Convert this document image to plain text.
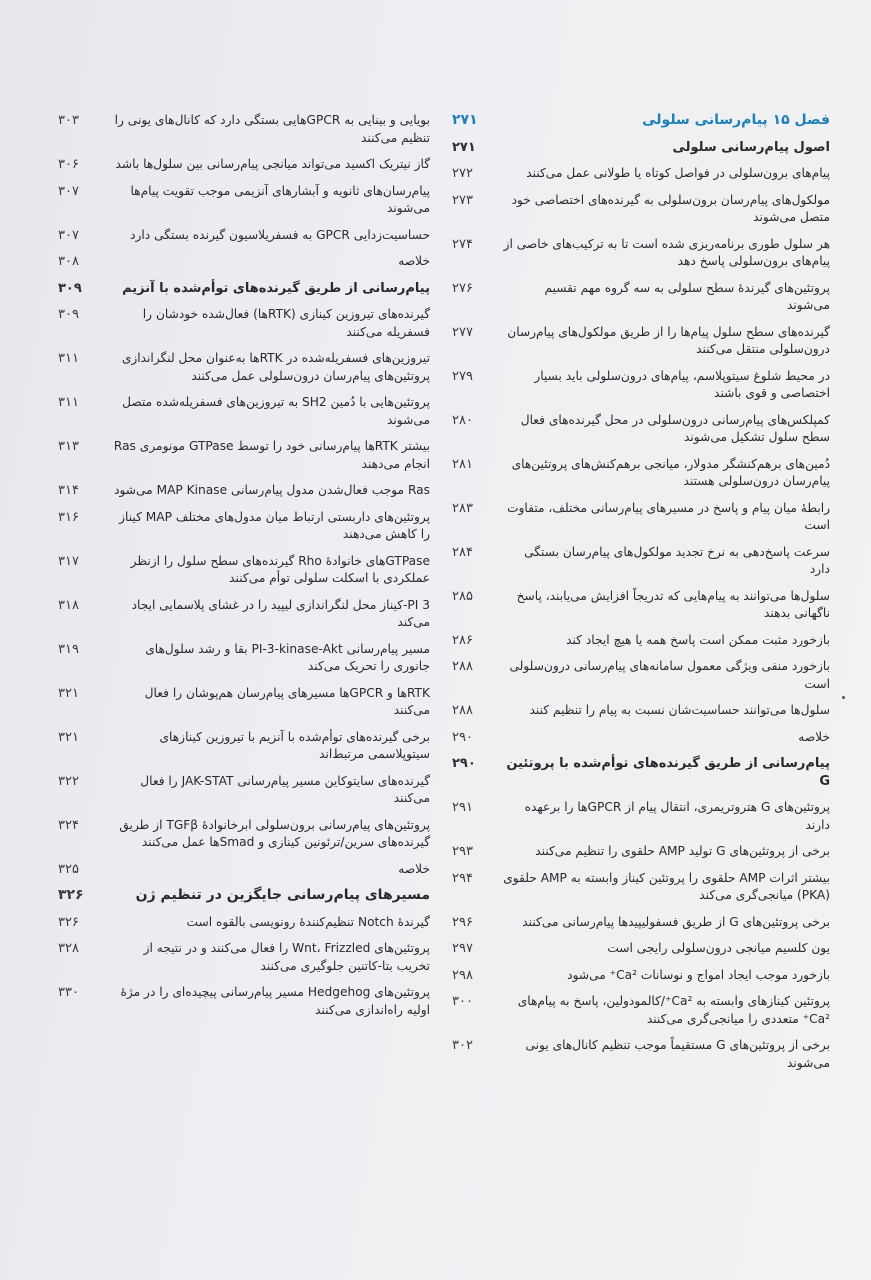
۲۷۱	فصل ۱۵ پیام‌رسانی سلولی
۲۷۱	اصول پیام‌رسانی سلولی
۲۷۲	پیام‌های برون‌سلولی در فواصل کوتاه یا طولانی عمل می‌کنند
۲۷۳	مولکول‌های پیام‌رسان برون‌سلولی به گیرنده‌های اختصاصی خود متصل می‌شوند
۲۷۴	هر سلول طوری برنامه‌ریزی شده است تا به ترکیب‌های خاصی از پیام‌های برون‌سلولی پاسخ دهد
۲۷۶	پروتئین‌های گیرندهٔ سطح سلولی به سه گروه مهم تقسیم می‌شوند
۲۷۷	گیرنده‌های سطح سلول پیام‌ها را از طریق مولکول‌های پیام‌رسان درون‌سلولی منتقل می‌کنند
۲۷۹	در محیط شلوغ سیتوپلاسم، پیام‌های درون‌سلولی باید بسیار اختصاصی و قوی باشند
۲۸۰	کمپلکس‌های پیام‌رسانی درون‌سلولی در محل گیرنده‌های فعال سطح سلول تشکیل می‌شوند
۲۸۱	دُمین‌های برهم‌کنشگر مدولار، میانجی برهم‌کنش‌های پروتئین‌های پیام‌رسان درون‌سلولی هستند
۲۸۳	رابطهٔ میان پیام و پاسخ در مسیرهای پیام‌رسانی مختلف، متفاوت است
۲۸۴	سرعت پاسخ‌دهی به نرخ تجدید مولکول‌های پیام‌رسان بستگی دارد
۲۸۵	سلول‌ها می‌توانند به پیام‌هایی که تدریجاً افزایش می‌یابند، پاسخ ناگهانی بدهند
۲۸۶	بازخورد مثبت ممکن است پاسخ همه یا هیچ ایجاد کند
۲۸۸	بازخورد منفی ویژگی معمول سامانه‌های پیام‌رسانی درون‌سلولی است
۲۸۸	سلول‌ها می‌توانند حساسیت‌شان نسبت به پیام را تنظیم کنند
۲۹۰	خلاصه
۲۹۰	پیام‌رسانی از طریق گیرنده‌های توأم‌شده با پروتئین G
۲۹۱	پروتئین‌های G هتروتریمری، انتقال پیام از GPCRها را برعهده دارند
۲۹۳	برخی از پروتئین‌های G تولید AMP حلقوی را تنظیم می‌کنند
۲۹۴	بیشتر اثرات AMP حلقوی را پروتئین کیناز وابسته به AMP حلقوی (PKA) میانجی‌گری می‌کند
۲۹۶	برخی پروتئین‌های G از طریق فسفولیپیدها پیام‌رسانی می‌کنند
۲۹۷	یون کلسیم میانجی درون‌سلولی رایجی است
۲۹۸	بازخورد موجب ایجاد امواج و نوسانات Ca²⁺ می‌شود
۳۰۰	پروتئین کینازهای وابسته به Ca²⁺/کالمودولین، پاسخ به پیام‌های Ca²⁺ متعددی را میانجی‌گری می‌کنند
۳۰۲	برخی از پروتئین‌های G مستقیماً موجب تنظیم کانال‌های یونی می‌شوند
۳۰۳	بویایی و بینایی به GPCRهایی بستگی دارد که کانال‌های یونی را تنظیم می‌کنند
۳۰۶	گاز نیتریک اکسید می‌تواند میانجی پیام‌رسانی بین سلول‌ها باشد
۳۰۷	پیام‌رسان‌های ثانویه و آبشارهای آنزیمی موجب تقویت پیام‌ها می‌شوند
۳۰۷	حساسیت‌زدایی GPCR به فسفریلاسیون گیرنده بستگی دارد
۳۰۸	خلاصه
۳۰۹	پیام‌رسانی از طریق گیرنده‌های توأم‌شده با آنزیم
۳۰۹	گیرنده‌های تیروزین کینازی (RTKها) فعال‌شده خودشان را فسفریله می‌کنند
۳۱۱	تیروزین‌های فسفریله‌شده در RTKها به‌عنوان محل لنگراندازی پروتئین‌های پیام‌رسان درون‌سلولی عمل می‌کنند
۳۱۱	پروتئین‌هایی با دُمین SH2 به تیروزین‌های فسفریله‌شده متصل می‌شوند
۳۱۳	بیشتر RTKها پیام‌رسانی خود را توسط GTPase مونومری Ras انجام می‌دهند
۳۱۴	Ras موجب فعال‌شدن مدول پیام‌رسانی MAP Kinase می‌شود
۳۱۶	پروتئین‌های داربستی ارتباط میان مدول‌های مختلف MAP کیناز را کاهش می‌دهند
۳۱۷	GTPaseهای خانوادهٔ Rho گیرنده‌های سطح سلول را ازنظر عملکردی با اسکلت سلولی توأم می‌کنند
۳۱۸	PI 3-کیناز محل لنگراندازی لیپید را در غشای پلاسمایی ایجاد می‌کند
۳۱۹	مسیر پیام‌رسانی PI-3-kinase-Akt بقا و رشد سلول‌های جانوری را تحریک می‌کند
۳۲۱	RTKها و GPCRها مسیرهای پیام‌رسان هم‌پوشان را فعال می‌کنند
۳۲۱	برخی گیرنده‌های توأم‌شده با آنزیم با تیروزین کینازهای سیتوپلاسمی مرتبط‌اند
۳۲۲	گیرنده‌های سایتوکاین مسیر پیام‌رسانی JAK-STAT را فعال می‌کنند
۳۲۴	پروتئین‌های پیام‌رسانی برون‌سلولی ابرخانوادهٔ TGFβ از طریق گیرنده‌های سرین/ترئونین کینازی و Smadها عمل می‌کنند
۳۲۵	خلاصه
۳۲۶	مسیرهای پیام‌رسانی جایگزین در تنظیم ژن
۳۲۶	گیرندهٔ Notch تنظیم‌کنندهٔ رونویسی بالقوه است
۳۲۸	پروتئین‌های Wnt، Frizzled را فعال می‌کنند و در نتیجه از تخریب بتا-کاتنین جلوگیری می‌کنند
۳۳۰	پروتئین‌های Hedgehog مسیر پیام‌رسانی پیچیده‌ای را در مژهٔ اولیه راه‌اندازی می‌کنند
